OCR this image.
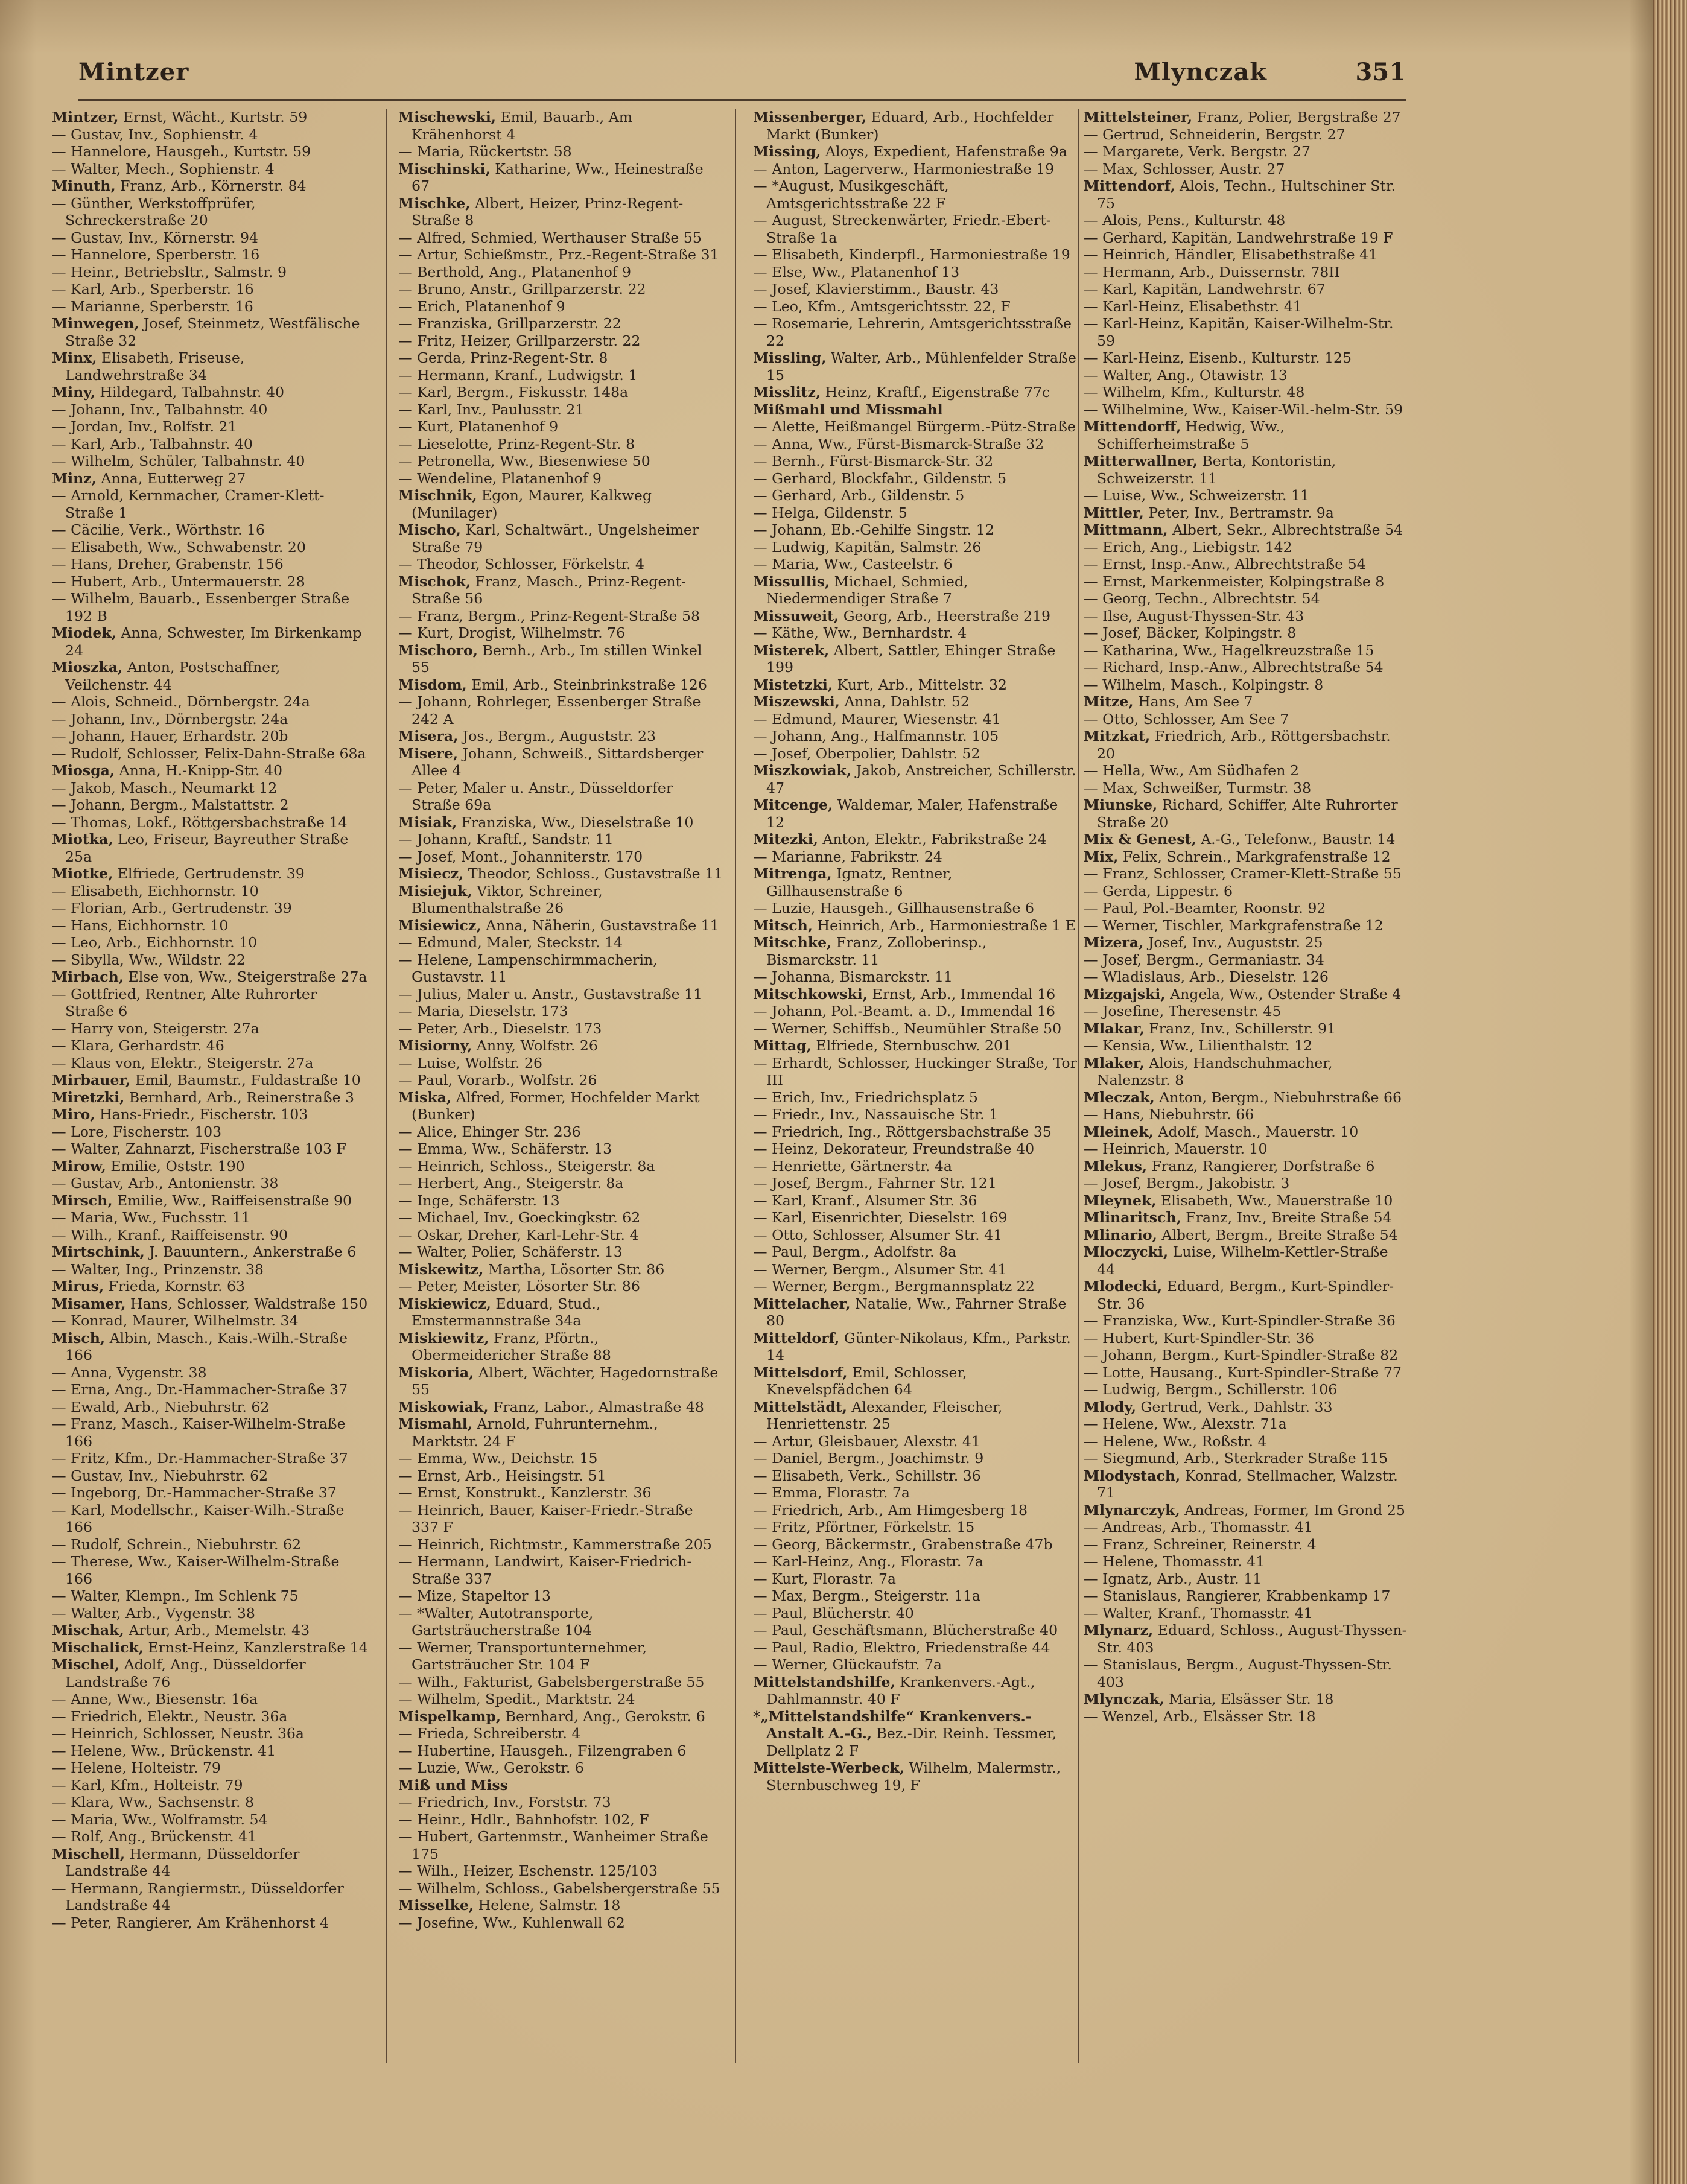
Mintzer	Mlynczak	351

Mintzer, Ernst, Wächt., Kurtstr. 59

— Gustav, Inv., Sophienstr. 4

— Hannelore, Hausgeh., Kurtstr. 59

— Walter, Mech., Sophienstr. 4

Minuth, Franz, Arb., Körnerstr. 84

— Günther, Werkstoffprüfer, Schreckerstraße 20

— Gustav, Inv., Körnerstr. 94

— Hannelore, Sperberstr. 16

— Heinr., Betriebsltr., Salmstr. 9

— Karl, Arb., Sperberstr. 16

— Marianne, Sperberstr. 16

Minwegen, Josef, Steinmetz, Westfälische Straße 32

Minx, Elisabeth, Friseuse, Landwehrstraße 34

Miny, Hildegard, Talbahnstr. 40

— Johann, Inv., Talbahnstr. 40

— Jordan, Inv., Rolfstr. 21

— Karl, Arb., Talbahnstr. 40

— Wilhelm, Schüler, Talbahnstr. 40

Minz, Anna, Eutterweg 27

— Arnold, Kernmacher, Cramer-Klett-Straße 1

— Cäcilie, Verk., Wörthstr. 16

— Elisabeth, Ww., Schwabenstr. 20

— Hans, Dreher, Grabenstr. 156

— Hubert, Arb., Untermauerstr. 28

— Wilhelm, Bauarb., Essenberger Straße 192 B

Miodek, Anna, Schwester, Im Birkenkamp 24

Mioszka, Anton, Postschaffner, Veilchenstr. 44

— Alois, Schneid., Dörnbergstr. 24a

— Johann, Inv., Dörnbergstr. 24a

— Johann, Hauer, Erhardstr. 20b

— Rudolf, Schlosser, Felix-Dahn-Straße 68a

Miosga, Anna, H.-Knipp-Str. 40

— Jakob, Masch., Neumarkt 12

— Johann, Bergm., Malstattstr. 2

— Thomas, Lokf., Röttgersbachstraße 14

Miotka, Leo, Friseur, Bayreuther Straße 25a

Miotke, Elfriede, Gertrudenstr. 39

— Elisabeth, Eichhornstr. 10

— Florian, Arb., Gertrudenstr. 39

— Hans, Eichhornstr. 10

— Leo, Arb., Eichhornstr. 10

— Sibylla, Ww., Wildstr. 22

Mirbach, Else von, Ww., Steigerstraße 27a

— Gottfried, Rentner, Alte Ruhrorter Straße 6

— Harry von, Steigerstr. 27a

— Klara, Gerhardstr. 46

— Klaus von, Elektr., Steigerstr. 27a

Mirbauer, Emil, Baumstr., Fuldastraße 10

Miretzki, Bernhard, Arb., Reinerstraße 3

Miro, Hans-Friedr., Fischerstr. 103

— Lore, Fischerstr. 103

— Walter, Zahnarzt, Fischerstraße 103 F

Mirow, Emilie, Oststr. 190

— Gustav, Arb., Antonienstr. 38

Mirsch, Emilie, Ww., Raiffeisenstraße 90

— Maria, Ww., Fuchsstr. 11

— Wilh., Kranf., Raiffeisenstr. 90

Mirtschink, J. Bauuntern., Ankerstraße 6

— Walter, Ing., Prinzenstr. 38

Mirus, Frieda, Kornstr. 63

Misamer, Hans, Schlosser, Waldstraße 150

— Konrad, Maurer, Wilhelmstr. 34

Misch, Albin, Masch., Kais.-Wilh.-Straße 166

— Anna, Vygenstr. 38

— Erna, Ang., Dr.-Hammacher-Straße 37

— Ewald, Arb., Niebuhrstr. 62

— Franz, Masch., Kaiser-Wilhelm-Straße 166

— Fritz, Kfm., Dr.-Hammacher-Straße 37

— Gustav, Inv., Niebuhrstr. 62

— Ingeborg, Dr.-Hammacher-Straße 37

— Karl, Modellschr., Kaiser-Wilh.-Straße 166

— Rudolf, Schrein., Niebuhrstr. 62

— Therese, Ww., Kaiser-Wilhelm-Straße 166

— Walter, Klempn., Im Schlenk 75

— Walter, Arb., Vygenstr. 38

Mischak, Artur, Arb., Memelstr. 43

Mischalick, Ernst-Heinz, Kanzlerstraße 14

Mischel, Adolf, Ang., Düsseldorfer Landstraße 76

— Anne, Ww., Biesenstr. 16a

— Friedrich, Elektr., Neustr. 36a

— Heinrich, Schlosser, Neustr. 36a

— Helene, Ww., Brückenstr. 41

— Helene, Holteistr. 79

— Karl, Kfm., Holteistr. 79

— Klara, Ww., Sachsenstr. 8

— Maria, Ww., Wolframstr. 54

— Rolf, Ang., Brückenstr. 41

Mischell, Hermann, Düsseldorfer Landstraße 44

— Hermann, Rangiermstr., Düsseldorfer Landstraße 44

— Peter, Rangierer, Am Krähenhorst 4

Mischewski, Emil, Bauarb., Am Krähenhorst 4

— Maria, Rückertstr. 58

Mischinski, Katharine, Ww., Heinestraße 67

Mischke, Albert, Heizer, Prinz-Regent-Straße 8

— Alfred, Schmied, Werthauser Straße 55

— Artur, Schießmstr., Prz.-Regent-Straße 31

— Berthold, Ang., Platanenhof 9

— Bruno, Anstr., Grillparzerstr. 22

— Erich, Platanenhof 9

— Franziska, Grillparzerstr. 22

— Fritz, Heizer, Grillparzerstr. 22

— Gerda, Prinz-Regent-Str. 8

— Hermann, Kranf., Ludwigstr. 1

— Karl, Bergm., Fiskusstr. 148a

— Karl, Inv., Paulusstr. 21

— Kurt, Platanenhof 9

— Lieselotte, Prinz-Regent-Str. 8

— Petronella, Ww., Biesenwiese 50

— Wendeline, Platanenhof 9

Mischnik, Egon, Maurer, Kalkweg (Munilager)

Mischo, Karl, Schaltwärt., Ungelsheimer Straße 79

— Theodor, Schlosser, Förkelstr. 4

Mischok, Franz, Masch., Prinz-Regent-Straße 56

— Franz, Bergm., Prinz-Regent-Straße 58

— Kurt, Drogist, Wilhelmstr. 76

Mischoro, Bernh., Arb., Im stillen Winkel 55

Misdom, Emil, Arb., Steinbrinkstraße 126

— Johann, Rohrleger, Essenberger Straße 242 A

Misera, Jos., Bergm., Auguststr. 23

Misere, Johann, Schweiß., Sittardsberger Allee 4

— Peter, Maler u. Anstr., Düsseldorfer Straße 69a

Misiak, Franziska, Ww., Dieselstraße 10

— Johann, Kraftf., Sandstr. 11

— Josef, Mont., Johanniterstr. 170

Misiecz, Theodor, Schloss., Gustavstraße 11

Misiejuk, Viktor, Schreiner, Blumenthalstraße 26

Misiewicz, Anna, Näherin, Gustavstraße 11

— Edmund, Maler, Steckstr. 14

— Helene, Lampenschirmmacherin, Gustavstr. 11

— Julius, Maler u. Anstr., Gustavstraße 11

— Maria, Dieselstr. 173

— Peter, Arb., Dieselstr. 173

Misiorny, Anny, Wolfstr. 26

— Luise, Wolfstr. 26

— Paul, Vorarb., Wolfstr. 26

Miska, Alfred, Former, Hochfelder Markt (Bunker)

— Alice, Ehinger Str. 236

— Emma, Ww., Schäferstr. 13

— Heinrich, Schloss., Steigerstr. 8a

— Herbert, Ang., Steigerstr. 8a

— Inge, Schäferstr. 13

— Michael, Inv., Goeckingkstr. 62

— Oskar, Dreher, Karl-Lehr-Str. 4

— Walter, Polier, Schäferstr. 13

Miskewitz, Martha, Lösorter Str. 86

— Peter, Meister, Lösorter Str. 86

Miskiewicz, Eduard, Stud., Emstermannstraße 34a

Miskiewitz, Franz, Pförtn., Obermeidericher Straße 88

Miskoria, Albert, Wächter, Hagedornstraße 55

Miskowiak, Franz, Labor., Almastraße 48

Mismahl, Arnold, Fuhrunternehm., Marktstr. 24 F

— Emma, Ww., Deichstr. 15

— Ernst, Arb., Heisingstr. 51

— Ernst, Konstrukt., Kanzlerstr. 36

— Heinrich, Bauer, Kaiser-Friedr.-Straße 337 F

— Heinrich, Richtmstr., Kammerstraße 205

— Hermann, Landwirt, Kaiser-Friedrich-Straße 337

— Mize, Stapeltor 13

— *Walter, Autotransporte, Gartsträucherstraße 104

— Werner, Transportunternehmer, Gartsträucher Str. 104 F

— Wilh., Fakturist, Gabelsbergerstraße 55

— Wilhelm, Spedit., Marktstr. 24

Mispelkamp, Bernhard, Ang., Gerokstr. 6

— Frieda, Schreiberstr. 4

— Hubertine, Hausgeh., Filzengraben 6

— Luzie, Ww., Gerokstr. 6

Miß und Miss

— Friedrich, Inv., Forststr. 73

— Heinr., Hdlr., Bahnhofstr. 102, F

— Hubert, Gartenmstr., Wanheimer Straße 175

— Wilh., Heizer, Eschenstr. 125/103

— Wilhelm, Schloss., Gabelsbergerstraße 55

Misselke, Helene, Salmstr. 18

— Josefine, Ww., Kuhlenwall 62

Missenberger, Eduard, Arb., Hochfelder Markt (Bunker)

Missing, Aloys, Expedient, Hafenstraße 9a

— Anton, Lagerverw., Harmoniestraße 19

— *August, Musikgeschäft, Amtsgerichtsstraße 22 F

— August, Streckenwärter, Friedr.-Ebert-Straße 1a

— Elisabeth, Kinderpfl., Harmoniestraße 19

— Else, Ww., Platanenhof 13

— Josef, Klavierstimm., Baustr. 43

— Leo, Kfm., Amtsgerichtsstr. 22, F

— Rosemarie, Lehrerin, Amtsgerichtsstraße 22

Missling, Walter, Arb., Mühlenfelder Straße 15

Misslitz, Heinz, Kraftf., Eigenstraße 77c

Mißmahl und Missmahl

— Alette, Heißmangel Bürgerm.-Pütz-Straße

— Anna, Ww., Fürst-Bismarck-Straße 32

— Bernh., Fürst-Bismarck-Str. 32

— Gerhard, Blockfahr., Gildenstr. 5

— Gerhard, Arb., Gildenstr. 5

— Helga, Gildenstr. 5

— Johann, Eb.-Gehilfe Singstr. 12

— Ludwig, Kapitän, Salmstr. 26

— Maria, Ww., Casteelstr. 6

Missullis, Michael, Schmied, Niedermendiger Straße 7

Missuweit, Georg, Arb., Heerstraße 219

— Käthe, Ww., Bernhardstr. 4

Misterek, Albert, Sattler, Ehinger Straße 199

Mistetzki, Kurt, Arb., Mittelstr. 32

Miszewski, Anna, Dahlstr. 52

— Edmund, Maurer, Wiesenstr. 41

— Johann, Ang., Halfmannstr. 105

— Josef, Oberpolier, Dahlstr. 52

Miszkowiak, Jakob, Anstreicher, Schillerstr. 47

Mitcenge, Waldemar, Maler, Hafenstraße 12

Mitezki, Anton, Elektr., Fabrikstraße 24

— Marianne, Fabrikstr. 24

Mitrenga, Ignatz, Rentner, Gillhausenstraße 6

— Luzie, Hausgeh., Gillhausenstraße 6

Mitsch, Heinrich, Arb., Harmoniestraße 1 E

Mitschke, Franz, Zolloberinsp., Bismarckstr. 11

— Johanna, Bismarckstr. 11

Mitschkowski, Ernst, Arb., Immendal 16

— Johann, Pol.-Beamt. a. D., Immendal 16

— Werner, Schiffsb., Neumühler Straße 50

Mittag, Elfriede, Sternbuschw. 201

— Erhardt, Schlosser, Huckinger Straße, Tor III

— Erich, Inv., Friedrichsplatz 5

— Friedr., Inv., Nassauische Str. 1

— Friedrich, Ing., Röttgersbachstraße 35

— Heinz, Dekorateur, Freundstraße 40

— Henriette, Gärtnerstr. 4a

— Josef, Bergm., Fahrner Str. 121

— Karl, Kranf., Alsumer Str. 36

— Karl, Eisenrichter, Dieselstr. 169

— Otto, Schlosser, Alsumer Str. 41

— Paul, Bergm., Adolfstr. 8a

— Werner, Bergm., Alsumer Str. 41

— Werner, Bergm., Bergmannsplatz 22

Mittelacher, Natalie, Ww., Fahrner Straße 80

Mitteldorf, Günter-Nikolaus, Kfm., Parkstr. 14

Mittelsdorf, Emil, Schlosser, Knevelspfädchen 64

Mittelstädt, Alexander, Fleischer, Henriettenstr. 25

— Artur, Gleisbauer, Alexstr. 41

— Daniel, Bergm., Joachimstr. 9

— Elisabeth, Verk., Schillstr. 36

— Emma, Florastr. 7a

— Friedrich, Arb., Am Himgesberg 18

— Fritz, Pförtner, Förkelstr. 15

— Georg, Bäckermstr., Grabenstraße 47b

— Karl-Heinz, Ang., Florastr. 7a

— Kurt, Florastr. 7a

— Max, Bergm., Steigerstr. 11a

— Paul, Blücherstr. 40

— Paul, Geschäftsmann, Blücherstraße 40

— Paul, Radio, Elektro, Friedenstraße 44

— Werner, Glückaufstr. 7a

Mittelstandshilfe, Krankenvers.-Agt., Dahlmannstr. 40 F

*„Mittelstandshilfe“ Krankenvers.-Anstalt A.-G., Bez.-Dir. Reinh. Tessmer, Dellplatz 2 F

Mittelste-Werbeck, Wilhelm, Malermstr., Sternbuschweg 19, F

Mittelsteiner, Franz, Polier, Bergstraße 27

— Gertrud, Schneiderin, Bergstr. 27

— Margarete, Verk. Bergstr. 27

— Max, Schlosser, Austr. 27

Mittendorf, Alois, Techn., Hultschiner Str. 75

— Alois, Pens., Kulturstr. 48

— Gerhard, Kapitän, Landwehrstraße 19 F

— Heinrich, Händler, Elisabethstraße 41

— Hermann, Arb., Duissernstr. 78II

— Karl, Kapitän, Landwehrstr. 67

— Karl-Heinz, Elisabethstr. 41

— Karl-Heinz, Kapitän, Kaiser-Wilhelm-Str. 59

— Karl-Heinz, Eisenb., Kulturstr. 125

— Walter, Ang., Otawistr. 13

— Wilhelm, Kfm., Kulturstr. 48

— Wilhelmine, Ww., Kaiser-Wil.-helm-Str. 59

Mittendorff, Hedwig, Ww., Schifferheimstraße 5

Mitterwallner, Berta, Kontoristin, Schweizerstr. 11

— Luise, Ww., Schweizerstr. 11

Mittler, Peter, Inv., Bertramstr. 9a

Mittmann, Albert, Sekr., Albrechtstraße 54

— Erich, Ang., Liebigstr. 142

— Ernst, Insp.-Anw., Albrechtstraße 54

— Ernst, Markenmeister, Kolpingstraße 8

— Georg, Techn., Albrechtstr. 54

— Ilse, August-Thyssen-Str. 43

— Josef, Bäcker, Kolpingstr. 8

— Katharina, Ww., Hagelkreuzstraße 15

— Richard, Insp.-Anw., Albrechtstraße 54

— Wilhelm, Masch., Kolpingstr. 8

Mitze, Hans, Am See 7

— Otto, Schlosser, Am See 7

Mitzkat, Friedrich, Arb., Röttgersbachstr. 20

— Hella, Ww., Am Südhafen 2

— Max, Schweißer, Turmstr. 38

Miunske, Richard, Schiffer, Alte Ruhrorter Straße 20

Mix & Genest, A.-G., Telefonw., Baustr. 14

Mix, Felix, Schrein., Markgrafenstraße 12

— Franz, Schlosser, Cramer-Klett-Straße 55

— Gerda, Lippestr. 6

— Paul, Pol.-Beamter, Roonstr. 92

— Werner, Tischler, Markgrafenstraße 12

Mizera, Josef, Inv., Auguststr. 25

— Josef, Bergm., Germaniastr. 34

— Wladislaus, Arb., Dieselstr. 126

Mizgajski, Angela, Ww., Ostender Straße 4

— Josefine, Theresenstr. 45

Mlakar, Franz, Inv., Schillerstr. 91

— Kensia, Ww., Lilienthalstr. 12

Mlaker, Alois, Handschuhmacher, Nalenzstr. 8

Mleczak, Anton, Bergm., Niebuhrstraße 66

— Hans, Niebuhrstr. 66

Mleinek, Adolf, Masch., Mauerstr. 10

— Heinrich, Mauerstr. 10

Mlekus, Franz, Rangierer, Dorfstraße 6

— Josef, Bergm., Jakobistr. 3

Mleynek, Elisabeth, Ww., Mauerstraße 10

Mlinaritsch, Franz, Inv., Breite Straße 54

Mlinario, Albert, Bergm., Breite Straße 54

Mloczycki, Luise, Wilhelm-Kettler-Straße 44

Mlodecki, Eduard, Bergm., Kurt-Spindler-Str. 36

— Franziska, Ww., Kurt-Spindler-Straße 36

— Hubert, Kurt-Spindler-Str. 36

— Johann, Bergm., Kurt-Spindler-Straße 82

— Lotte, Hausang., Kurt-Spindler-Straße 77

— Ludwig, Bergm., Schillerstr. 106

Mlody, Gertrud, Verk., Dahlstr. 33

— Helene, Ww., Alexstr. 71a

— Helene, Ww., Roßstr. 4

— Siegmund, Arb., Sterkrader Straße 115

Mlodystach, Konrad, Stellmacher, Walzstr. 71

Mlynarczyk, Andreas, Former, Im Grond 25

— Andreas, Arb., Thomasstr. 41

— Franz, Schreiner, Reinerstr. 4

— Helene, Thomasstr. 41

— Ignatz, Arb., Austr. 11

— Stanislaus, Rangierer, Krabbenkamp 17

— Walter, Kranf., Thomasstr. 41

Mlynarz, Eduard, Schloss., August-Thyssen-Str. 403

— Stanislaus, Bergm., August-Thyssen-Str. 403

Mlynczak, Maria, Elsässer Str. 18

— Wenzel, Arb., Elsässer Str. 18
